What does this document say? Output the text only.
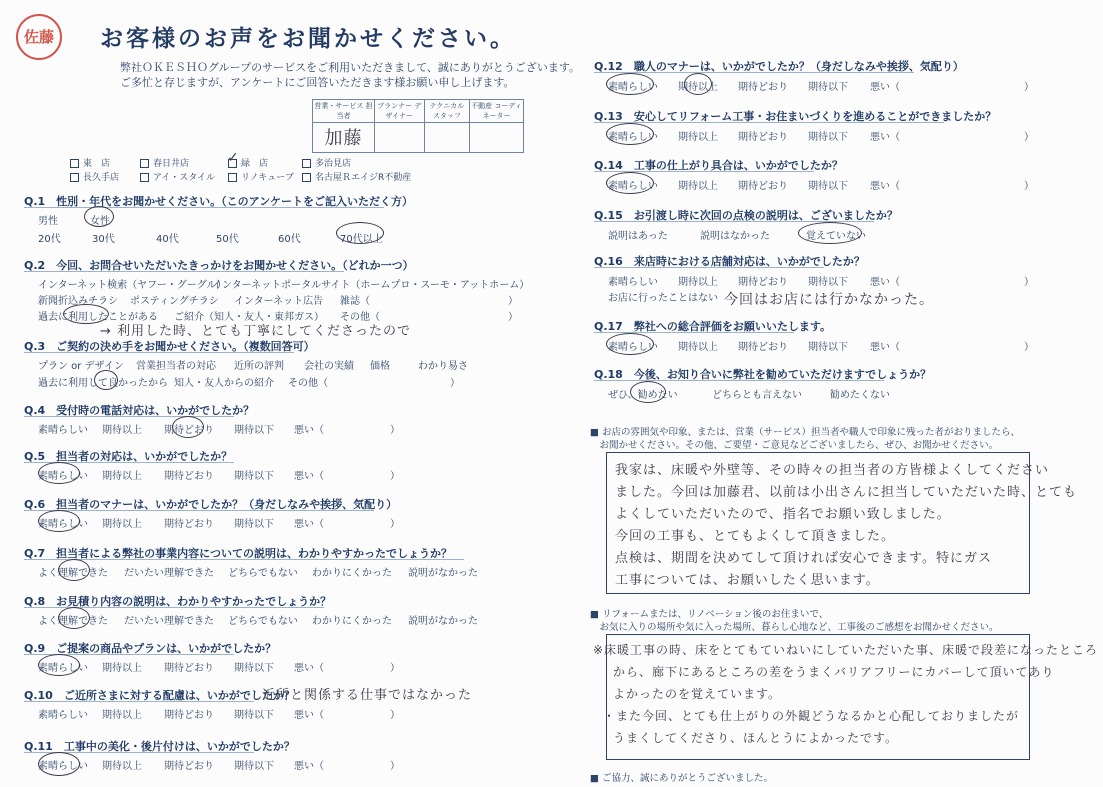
佐藤	お客様のお声をお聞かせください。
弊社ＯＫＥＳＨＯグループのサービスをご利用いただきまして、誠にありがとうございます。
ご多忙と存じますが、アンケートにご回答いただきます様お願い申し上げます。
営業・サービス 担当者	プランナー デザイナー	テクニカル スタッフ	不動産 コーディネーター
加藤			
東　店	春日井店	緑　店	多治見店
長久手店	アイ・スタイル	リノキューブ	名古屋ＲエイジR不動産
✓
Q.1　性別・年代をお聞かせください。（このアンケートをご記入いただく方）
男性	女性
20代	30代	40代	50代	60代	70代以上
Q.2　今回、お問合せいただいたきっかけをお聞かせください。（どれか一つ）
インターネット検索（ヤフー・グーグル）
インターネットポータルサイト（ホームプロ・スーモ・アットホーム）
新聞折込みチラシ ポスティングチラシ インターネット広告 雑誌（	）
過去に利用したことがある ご紹介（知人・友人・東邦ガス） その他（	）
→ 利用した時、とても丁寧にしてくださったので
Q.3　ご契約の決め手をお聞かせください。（複数回答可）
プラン or デザイン 営業担当者の対応 近所の評判 会社の実績 価格	わかり易さ
過去に利用して良かったから 知人・友人からの紹介 その他（	）
Q.4　受付時の電話対応は、いかがでしたか？
素晴らしい 期待以上 期待どおり 期待以下 悪い（	）
Q.5　担当者の対応は、いかがでしたか？
素晴らしい 期待以上 期待どおり 期待以下 悪い（	）
Q.6　担当者のマナーは、いかがでしたか？（身だしなみや挨拶、気配り）
素晴らしい 期待以上 期待どおり 期待以下 悪い（	）
Q.7　担当者による弊社の事業内容についての説明は、わかりやすかったでしょうか？
よく理解できた だいたい理解できた どちらでもない わかりにくかった 説明がなかった
Q.8　お見積り内容の説明は、わかりやすかったでしょうか？
よく理解できた だいたい理解できた どちらでもない わかりにくかった 説明がなかった
Q.9　ご提案の商品やプランは、いかがでしたか？
素晴らしい 期待以上 期待どおり 期待以下 悪い（	）
Q.10　ご近所さまに対する配慮は、いかがでしたか？
近所と関係する仕事ではなかった
素晴らしい 期待以上 期待どおり 期待以下 悪い（	）
Q.11　工事中の美化・後片付けは、いかがでしたか？
素晴らしい 期待以上 期待どおり 期待以下 悪い（	）
Q.12　職人のマナーは、いかがでしたか？（身だしなみや挨拶、気配り）
素晴らしい 期待以上 期待どおり 期待以下 悪い（	）
Q.13　安心してリフォーム工事・お住まいづくりを進めることができましたか？
素晴らしい 期待以上 期待どおり 期待以下 悪い（	）
Q.14　工事の仕上がり具合は、いかがでしたか？
素晴らしい 期待以上 期待どおり 期待以下 悪い（	）
Q.15　お引渡し時に次回の点検の説明は、ございましたか？
説明はあった	説明はなかった	覚えていない
Q.16　来店時における店舗対応は、いかがでしたか？
素晴らしい 期待以上 期待どおり 期待以下 悪い（	）
お店に行ったことはない 今回はお店には行かなかった。
Q.17　弊社への総合評価をお願いいたします。
素晴らしい 期待以上 期待どおり 期待以下 悪い（	）
Q.18　今後、お知り合いに弊社を勧めていただけますでしょうか？
ぜひ、勧めたい	どちらとも言えない	勧めたくない
■ お店の雰囲気や印象、または、営業（サービス）担当者や職人で印象に残った者がおりましたら、
　お聞かせください。その他、ご要望・ご意見などございましたら、ぜひ、お聞かせください。
我家は、床暖や外壁等、その時々の担当者の方皆様よくしてください
ました。今回は加藤君、以前は小出さんに担当していただいた時、とても
よくしていただいたので、指名でお願い致しました。
今回の工事も、とてもよくして頂きました。
点検は、期間を決めてして頂ければ安心できます。特にガス
工事については、お願いしたく思います。
■ リフォームまたは、リノベーション後のお住まいで、
　お気に入りの場所や気に入った場所、暮らし心地など、工事後のご感想をお聞かせください。
※床暖工事の時、床をとてもていねいにしていただいた事、床暖で段差になったところ
から、廊下にあるところの差をうまくバリアフリーにカバーして頂いてあり
よかったのを覚えています。
・また今回、とても仕上がりの外観どうなるかと心配しておりましたが
うまくしてくださり、ほんとうによかったです。
■ ご協力、誠にありがとうございました。
